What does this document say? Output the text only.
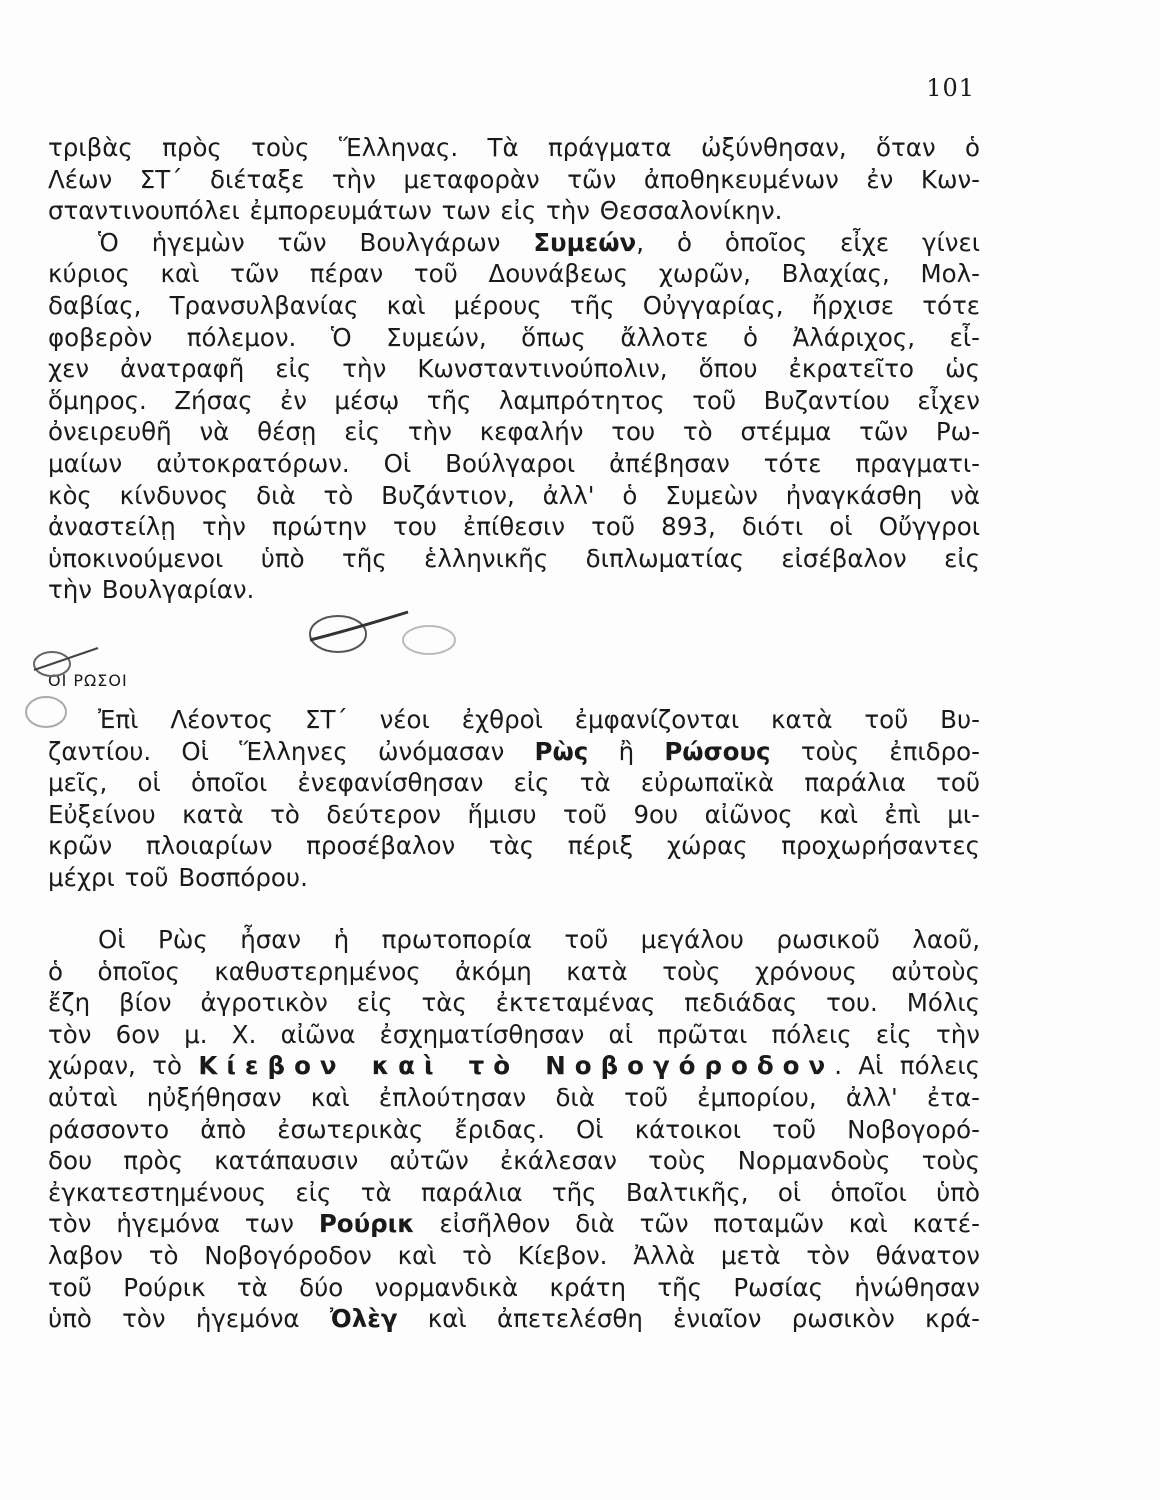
101
τριβὰς πρὸς τοὺς Ἕλληνας. Τὰ πράγματα ὠξύνθησαν, ὅταν ὁ
Λέων ΣΤ΄ διέταξε τὴν μεταφορὰν τῶν ἀποθηκευμένων ἐν Κων-
σταντινουπόλει ἐμπορευμάτων των εἰς τὴν Θεσσαλονίκην.
Ὁ ἡγεμὼν τῶν Βουλγάρων Συμεών, ὁ ὁποῖος εἶχε γίνει
κύριος καὶ τῶν πέραν τοῦ Δουνάβεως χωρῶν, Βλαχίας, Μολ-
δαβίας, Τρανσυλβανίας καὶ μέρους τῆς Οὐγγαρίας, ἤρχισε τότε
φοβερὸν πόλεμον. Ὁ Συμεών, ὅπως ἄλλοτε ὁ Ἀλάριχος, εἶ-
χεν ἀνατραφῆ εἰς τὴν Κωνσταντινούπολιν, ὅπου ἐκρατεῖτο ὡς
ὅμηρος. Ζήσας ἐν μέσῳ τῆς λαμπρότητος τοῦ Βυζαντίου εἶχεν
ὀνειρευθῆ νὰ θέσῃ εἰς τὴν κεφαλήν του τὸ στέμμα τῶν Ρω-
μαίων αὐτοκρατόρων. Οἱ Βούλγαροι ἀπέβησαν τότε πραγματι-
κὸς κίνδυνος διὰ τὸ Βυζάντιον, ἀλλ' ὁ Συμεὼν ἠναγκάσθη νὰ
ἀναστείλῃ τὴν πρώτην του ἐπίθεσιν τοῦ 893, διότι οἱ Οὔγγροι
ὑποκινούμενοι ὑπὸ τῆς ἑλληνικῆς διπλωματίας εἰσέβαλον εἰς
τὴν Βουλγαρίαν.
ΟΙ ΡΩΣΟΙ
Ἐπὶ Λέοντος ΣΤ΄ νέοι ἐχθροὶ ἐμφανίζονται κατὰ τοῦ Βυ-
ζαντίου. Οἱ Ἕλληνες ὠνόμασαν Ρὼς ἢ Ρώσους τοὺς ἐπιδρο-
μεῖς, οἱ ὁποῖοι ἐνεφανίσθησαν εἰς τὰ εὐρωπαϊκὰ παράλια τοῦ
Εὐξείνου κατὰ τὸ δεύτερον ἥμισυ τοῦ 9ου αἰῶνος καὶ ἐπὶ μι-
κρῶν πλοιαρίων προσέβαλον τὰς πέριξ χώρας προχωρήσαντες
μέχρι τοῦ Βοσπόρου.
Οἱ Ρὼς ἦσαν ἡ πρωτοπορία τοῦ μεγάλου ρωσικοῦ λαοῦ,
ὁ ὁποῖος καθυστερημένος ἀκόμη κατὰ τοὺς χρόνους αὐτοὺς
ἔζη βίον ἀγροτικὸν εἰς τὰς ἐκτεταμένας πεδιάδας του. Μόλις
τὸν 6ον μ. Χ. αἰῶνα ἐσχηματίσθησαν αἱ πρῶται πόλεις εἰς τὴν
χώραν, τὸ Κίεβον καὶ τὸ Νοβογόροδον. Αἱ πόλεις
αὐταὶ ηὐξήθησαν καὶ ἐπλούτησαν διὰ τοῦ ἐμπορίου, ἀλλ' ἐτα-
ράσσοντο ἀπὸ ἐσωτερικὰς ἔριδας. Οἱ κάτοικοι τοῦ Νοβογορό-
δου πρὸς κατάπαυσιν αὐτῶν ἐκάλεσαν τοὺς Νορμανδοὺς τοὺς
ἐγκατεστημένους εἰς τὰ παράλια τῆς Βαλτικῆς, οἱ ὁποῖοι ὑπὸ
τὸν ἡγεμόνα των Ρούρικ εἰσῆλθον διὰ τῶν ποταμῶν καὶ κατέ-
λαβον τὸ Νοβογόροδον καὶ τὸ Κίεβον. Ἀλλὰ μετὰ τὸν θάνατον
τοῦ Ρούρικ τὰ δύο νορμανδικὰ κράτη τῆς Ρωσίας ἡνώθησαν
ὑπὸ τὸν ἡγεμόνα Ὀλὲγ καὶ ἀπετελέσθη ἑνιαῖον ρωσικὸν κρά-
